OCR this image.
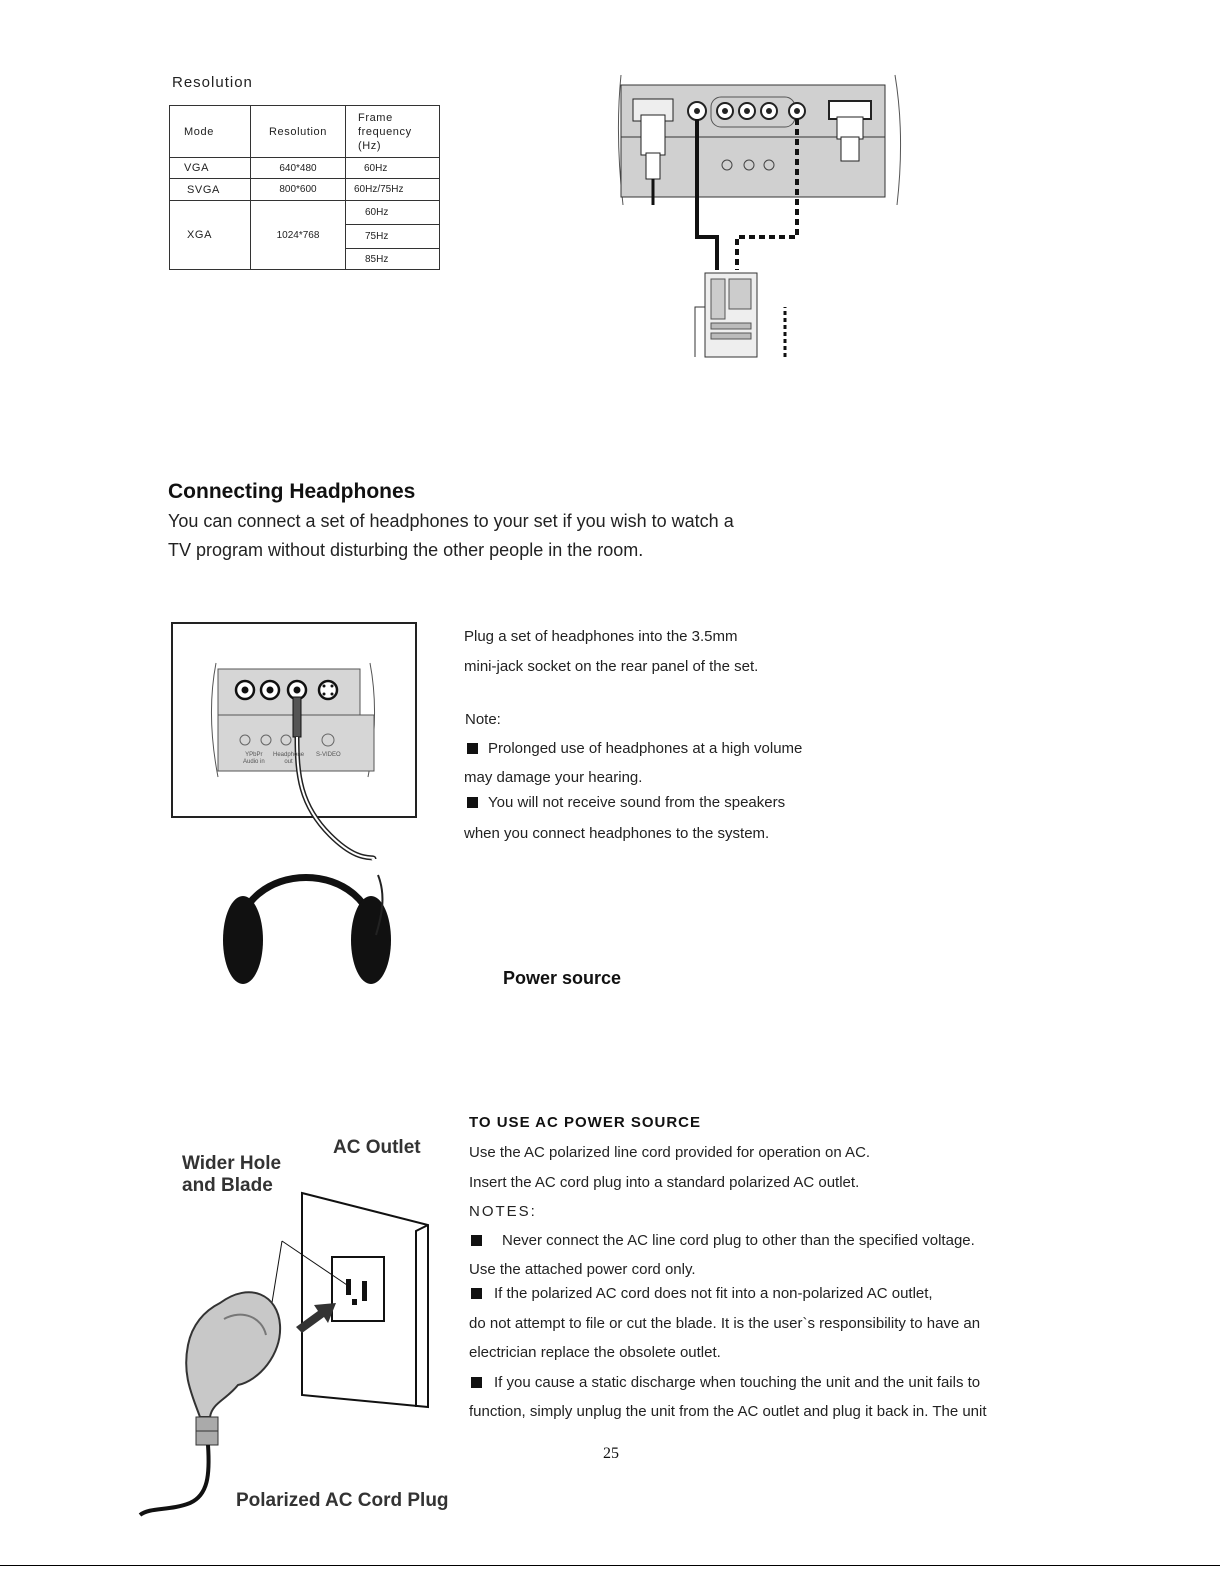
Resolution
Mode	Resolution	Frame
frequency
(Hz)

VGA	640*480	60Hz
SVGA	800*600	60Hz/75Hz
XGA	1024*768	60Hz
		75Hz
		85Hz
Connecting Headphones
You can connect a set of headphones to your set if you wish to watch a
TV program without disturbing the other people in the room.
YPbPr
Audio in
Headphone
out
S-VIDEO
Plug a set of headphones into the 3.5mm
mini-jack socket on the rear panel of the set.
Note:
Prolonged use of headphones at a high volume
may damage your hearing.
You will not receive sound from the speakers
when you connect headphones to the system.
Power source
Wider Hole
and Blade
AC Outlet
Polarized AC Cord Plug
TO USE AC POWER SOURCE
Use the AC polarized line cord provided for operation on AC.
Insert the AC cord plug into a standard polarized AC outlet.
NOTES:
Never connect the AC line cord plug to other than the specified voltage.
Use the attached power cord only.
If the polarized AC cord does not fit into a non-polarized AC outlet,
do not attempt to file or cut the blade. It is the user`s responsibility to have an
electrician replace the obsolete outlet.
If you cause a static discharge when touching the unit and the unit fails to
function, simply unplug the unit from the AC outlet and plug it back in. The unit
25
